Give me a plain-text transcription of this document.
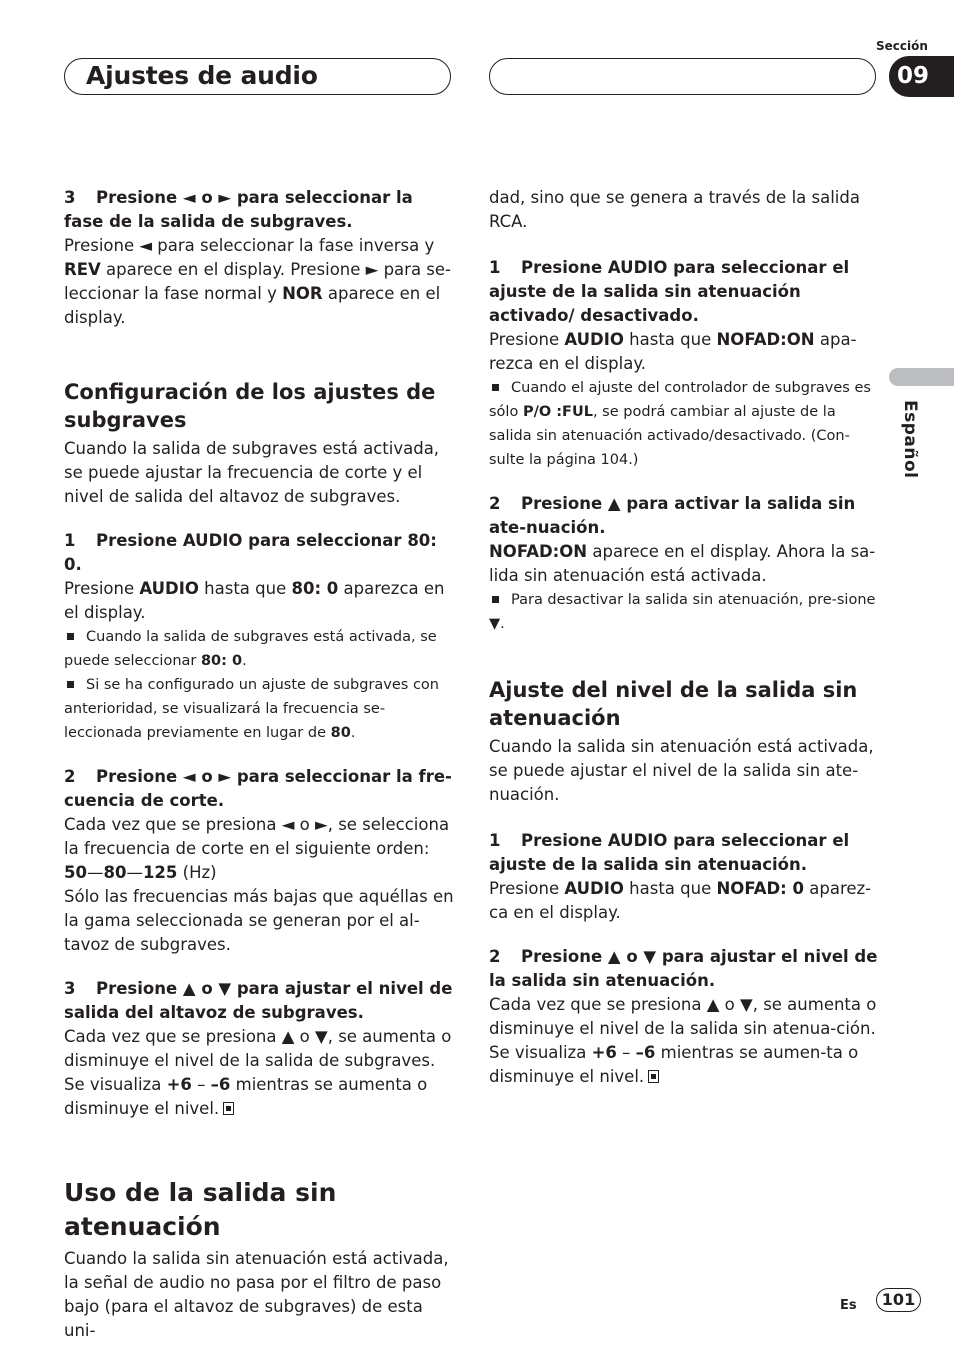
Ajustes de audio
Sección
09
Español

3 Presione ◄ o ► para seleccionar la fase de la salida de subgraves.

Presione ◄ para seleccionar la fase inversa y REV aparece en el display. Presione ► para se-leccionar la fase normal y NOR aparece en el display.

Configuración de los ajustes de subgraves

Cuando la salida de subgraves está activada, se puede ajustar la frecuencia de corte y el nivel de salida del altavoz de subgraves.

1 Presione AUDIO para seleccionar 80: 0.

Presione AUDIO hasta que 80: 0 aparezca en el display.

Cuando la salida de subgraves está activada, se puede seleccionar 80: 0.

Si se ha configurado un ajuste de subgraves con anterioridad, se visualizará la frecuencia se-leccionada previamente en lugar de 80.

2 Presione ◄ o ► para seleccionar la fre-cuencia de corte.

Cada vez que se presiona ◄ o ►, se selecciona la frecuencia de corte en el siguiente orden:

50—80—125 (Hz)

Sólo las frecuencias más bajas que aquéllas en la gama seleccionada se generan por el al-tavoz de subgraves.

3 Presione ▲ o ▼ para ajustar el nivel de salida del altavoz de subgraves.

Cada vez que se presiona ▲ o ▼, se aumenta o disminuye el nivel de la salida de subgraves. Se visualiza +6 – –6 mientras se aumenta o disminuye el nivel.

Uso de la salida sin atenuación

Cuando la salida sin atenuación está activada, la señal de audio no pasa por el filtro de paso bajo (para el altavoz de subgraves) de esta uni-

dad, sino que se genera a través de la salida RCA.

1 Presione AUDIO para seleccionar el ajuste de la salida sin atenuación activado/ desactivado.

Presione AUDIO hasta que NOFAD:ON apa-rezca en el display.

Cuando el ajuste del controlador de subgraves es sólo P/O :FUL, se podrá cambiar al ajuste de la salida sin atenuación activado/desactivado. (Con-sulte la página 104.)

2 Presione ▲ para activar la salida sin ate-nuación.

NOFAD:ON aparece en el display. Ahora la sa-lida sin atenuación está activada.

Para desactivar la salida sin atenuación, pre-sione ▼.

Ajuste del nivel de la salida sin atenuación

Cuando la salida sin atenuación está activada, se puede ajustar el nivel de la salida sin ate-nuación.

1 Presione AUDIO para seleccionar el ajuste de la salida sin atenuación.

Presione AUDIO hasta que NOFAD: 0 aparez-ca en el display.

2 Presione ▲ o ▼ para ajustar el nivel de la salida sin atenuación.

Cada vez que se presiona ▲ o ▼, se aumenta o disminuye el nivel de la salida sin atenua-ción. Se visualiza +6 – –6 mientras se aumen-ta o disminuye el nivel.

Es	101
